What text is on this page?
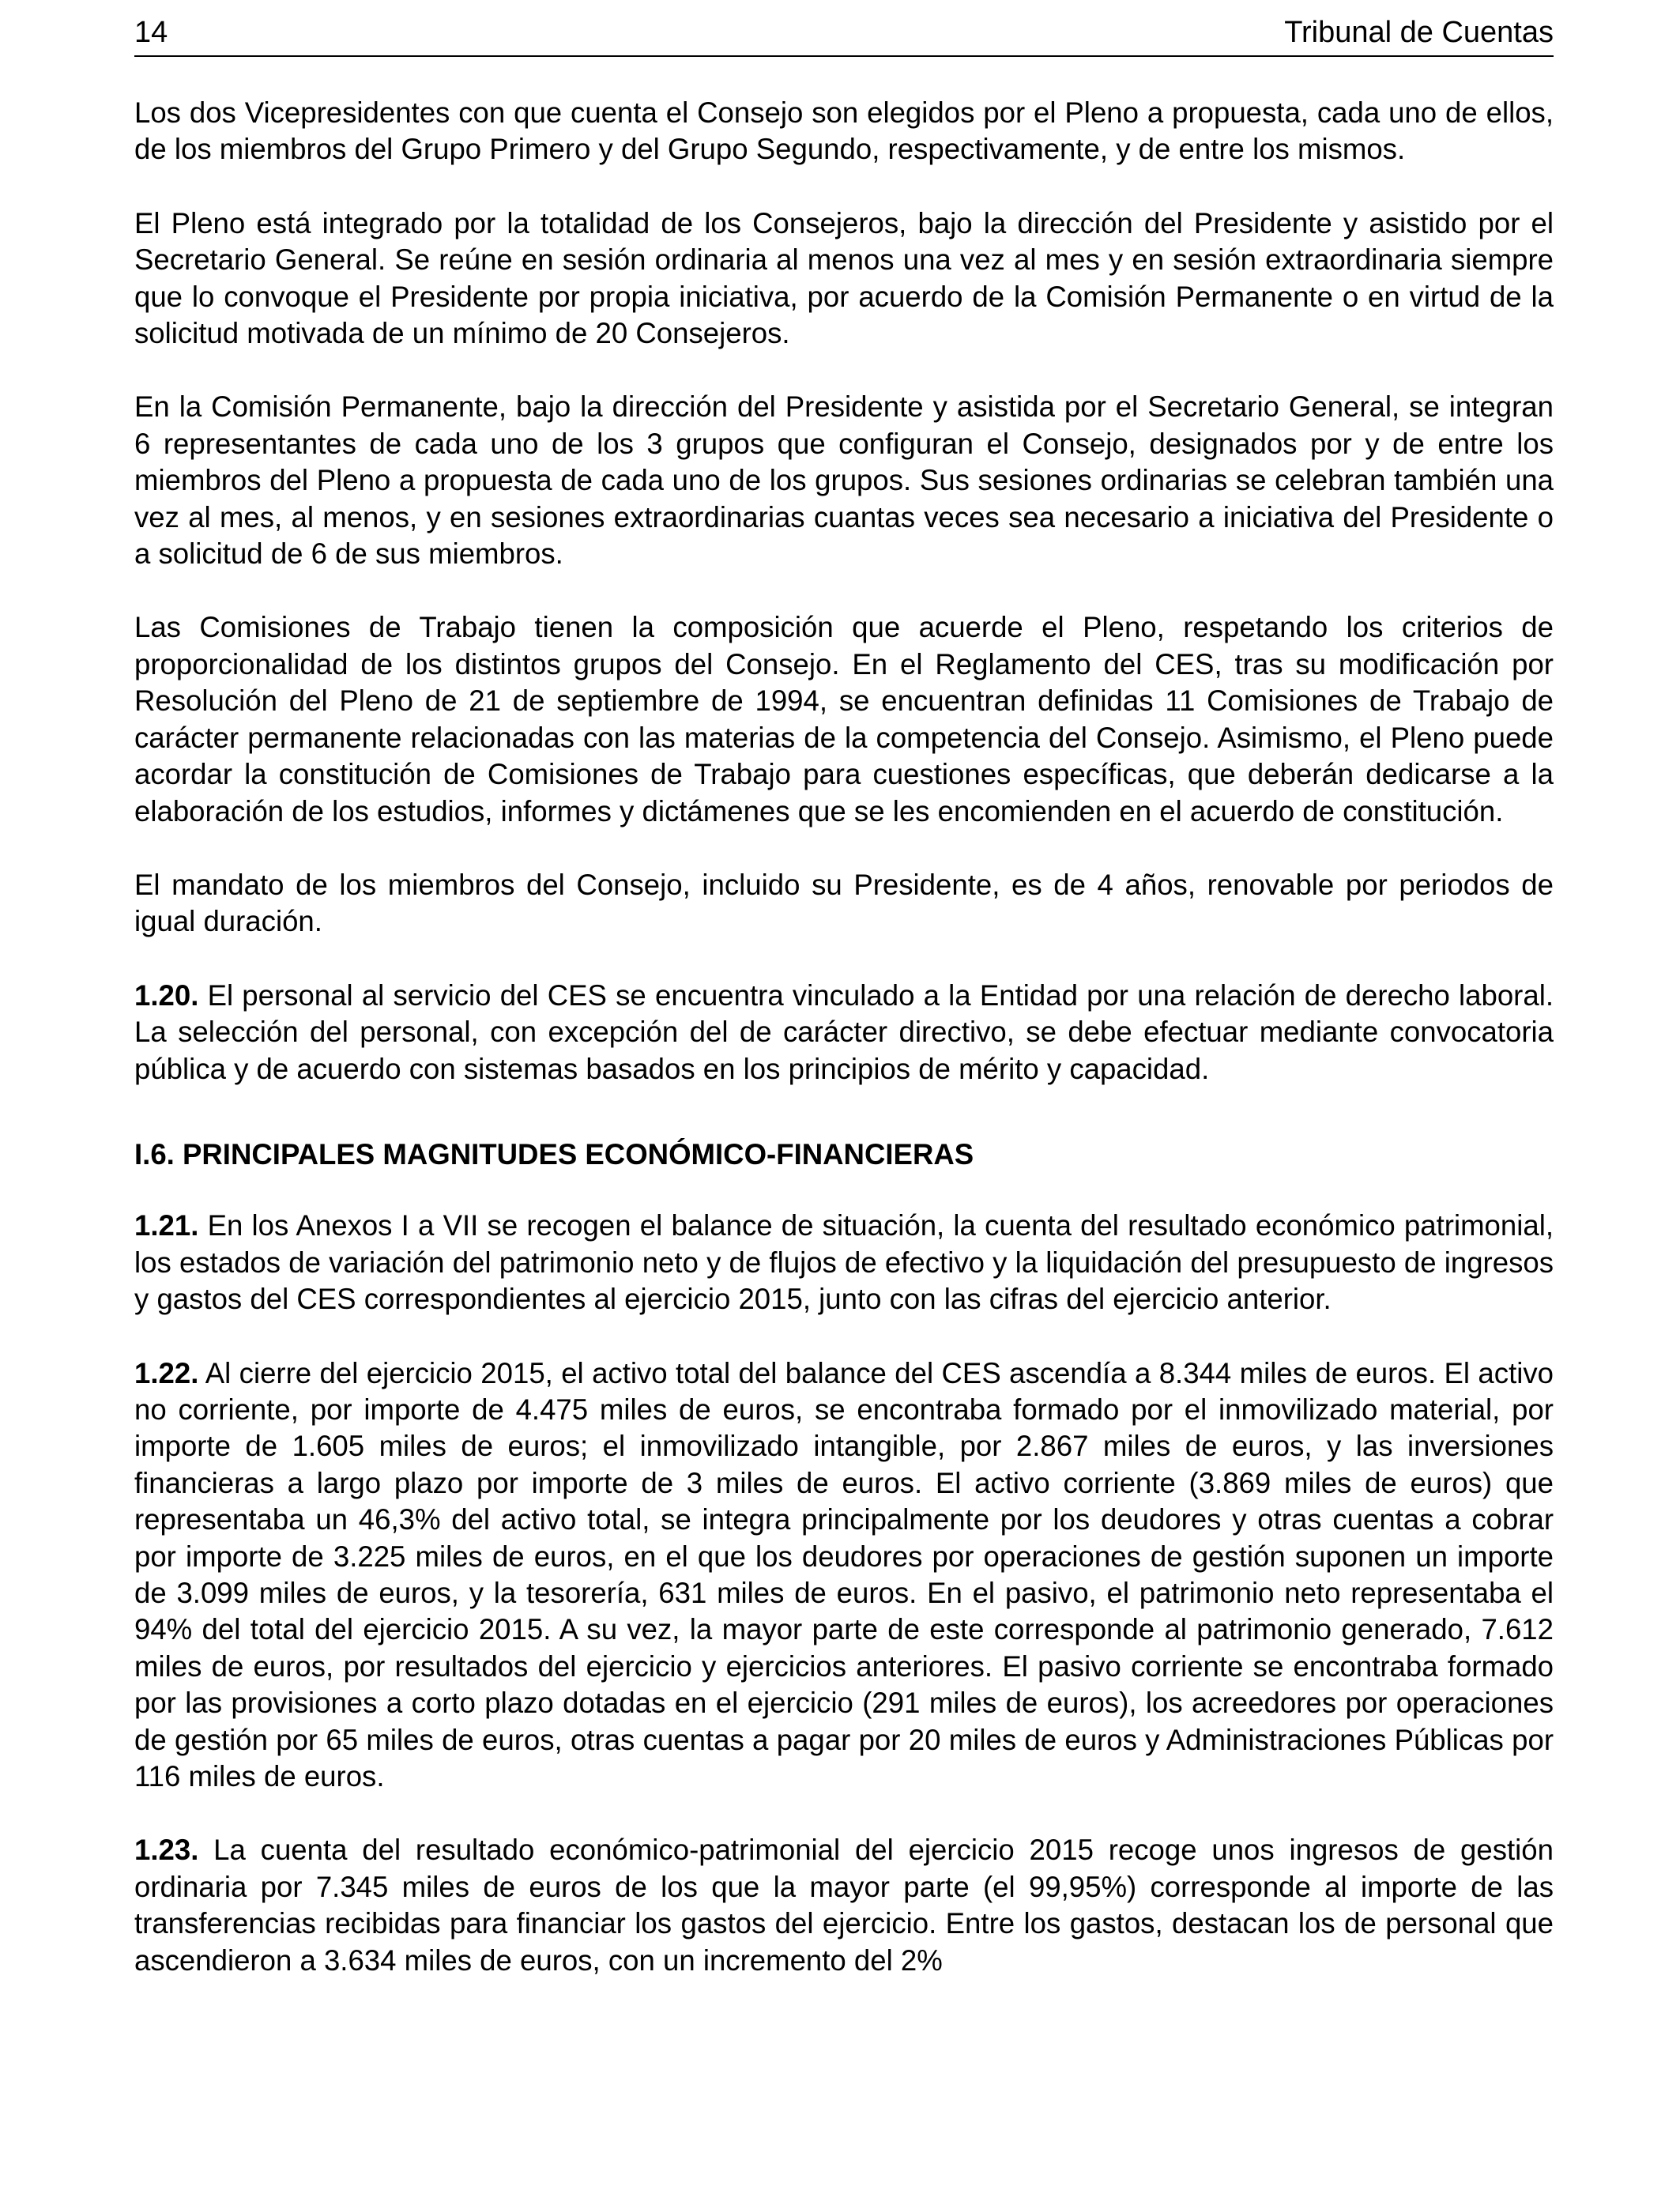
14	Tribunal de Cuentas

Los dos Vicepresidentes con que cuenta el Consejo son elegidos por el Pleno a propuesta, cada uno de ellos, de los miembros del Grupo Primero y del Grupo Segundo, respectivamente, y de entre los mismos.

El Pleno está integrado por la totalidad de los Consejeros, bajo la dirección del Presidente y asistido por el Secretario General. Se reúne en sesión ordinaria al menos una vez al mes y en sesión extraordinaria siempre que lo convoque el Presidente por propia iniciativa, por acuerdo de la Comisión Permanente o en virtud de la solicitud motivada de un mínimo de 20 Consejeros.

En la Comisión Permanente, bajo la dirección del Presidente y asistida por el Secretario General, se integran 6 representantes de cada uno de los 3 grupos que configuran el Consejo, designados por y de entre los miembros del Pleno a propuesta de cada uno de los grupos. Sus sesiones ordinarias se celebran también una vez al mes, al menos, y en sesiones extraordinarias cuantas veces sea necesario a iniciativa del Presidente o a solicitud de 6 de sus miembros.

Las Comisiones de Trabajo tienen la composición que acuerde el Pleno, respetando los criterios de proporcionalidad de los distintos grupos del Consejo. En el Reglamento del CES, tras su modificación por Resolución del Pleno de 21 de septiembre de 1994, se encuentran definidas 11 Comisiones de Trabajo de carácter permanente relacionadas con las materias de la competencia del Consejo. Asimismo, el Pleno puede acordar la constitución de Comisiones de Trabajo para cuestiones específicas, que deberán dedicarse a la elaboración de los estudios, informes y dictámenes que se les encomienden en el acuerdo de constitución.

El mandato de los miembros del Consejo, incluido su Presidente, es de 4 años, renovable por periodos de igual duración.

1.20. El personal al servicio del CES se encuentra vinculado a la Entidad por una relación de derecho laboral. La selección del personal, con excepción del de carácter directivo, se debe efectuar mediante convocatoria pública y de acuerdo con sistemas basados en los principios de mérito y capacidad.

I.6. PRINCIPALES MAGNITUDES ECONÓMICO-FINANCIERAS

1.21. En los Anexos I a VII se recogen el balance de situación, la cuenta del resultado económico patrimonial, los estados de variación del patrimonio neto y de flujos de efectivo y la liquidación del presupuesto de ingresos y gastos del CES correspondientes al ejercicio 2015, junto con las cifras del ejercicio anterior.

1.22. Al cierre del ejercicio 2015, el activo total del balance del CES ascendía a 8.344 miles de euros. El activo no corriente, por importe de 4.475 miles de euros, se encontraba formado por el inmovilizado material, por importe de 1.605 miles de euros; el inmovilizado intangible, por 2.867 miles de euros, y las inversiones financieras a largo plazo por importe de 3 miles de euros. El activo corriente (3.869 miles de euros) que representaba un 46,3% del activo total, se integra principalmente por los deudores y otras cuentas a cobrar por importe de 3.225 miles de euros, en el que los deudores por operaciones de gestión suponen un importe de 3.099 miles de euros, y la tesorería, 631 miles de euros. En el pasivo, el patrimonio neto representaba el 94% del total del ejercicio 2015. A su vez, la mayor parte de este corresponde al patrimonio generado, 7.612 miles de euros, por resultados del ejercicio y ejercicios anteriores. El pasivo corriente se encontraba formado por las provisiones a corto plazo dotadas en el ejercicio (291 miles de euros), los acreedores por operaciones de gestión por 65 miles de euros, otras cuentas a pagar por 20 miles de euros y Administraciones Públicas por 116 miles de euros.

1.23. La cuenta del resultado económico-patrimonial del ejercicio 2015 recoge unos ingresos de gestión ordinaria por 7.345 miles de euros de los que la mayor parte (el 99,95%) corresponde al importe de las transferencias recibidas para financiar los gastos del ejercicio. Entre los gastos, destacan los de personal que ascendieron a 3.634 miles de euros, con un incremento del 2%
